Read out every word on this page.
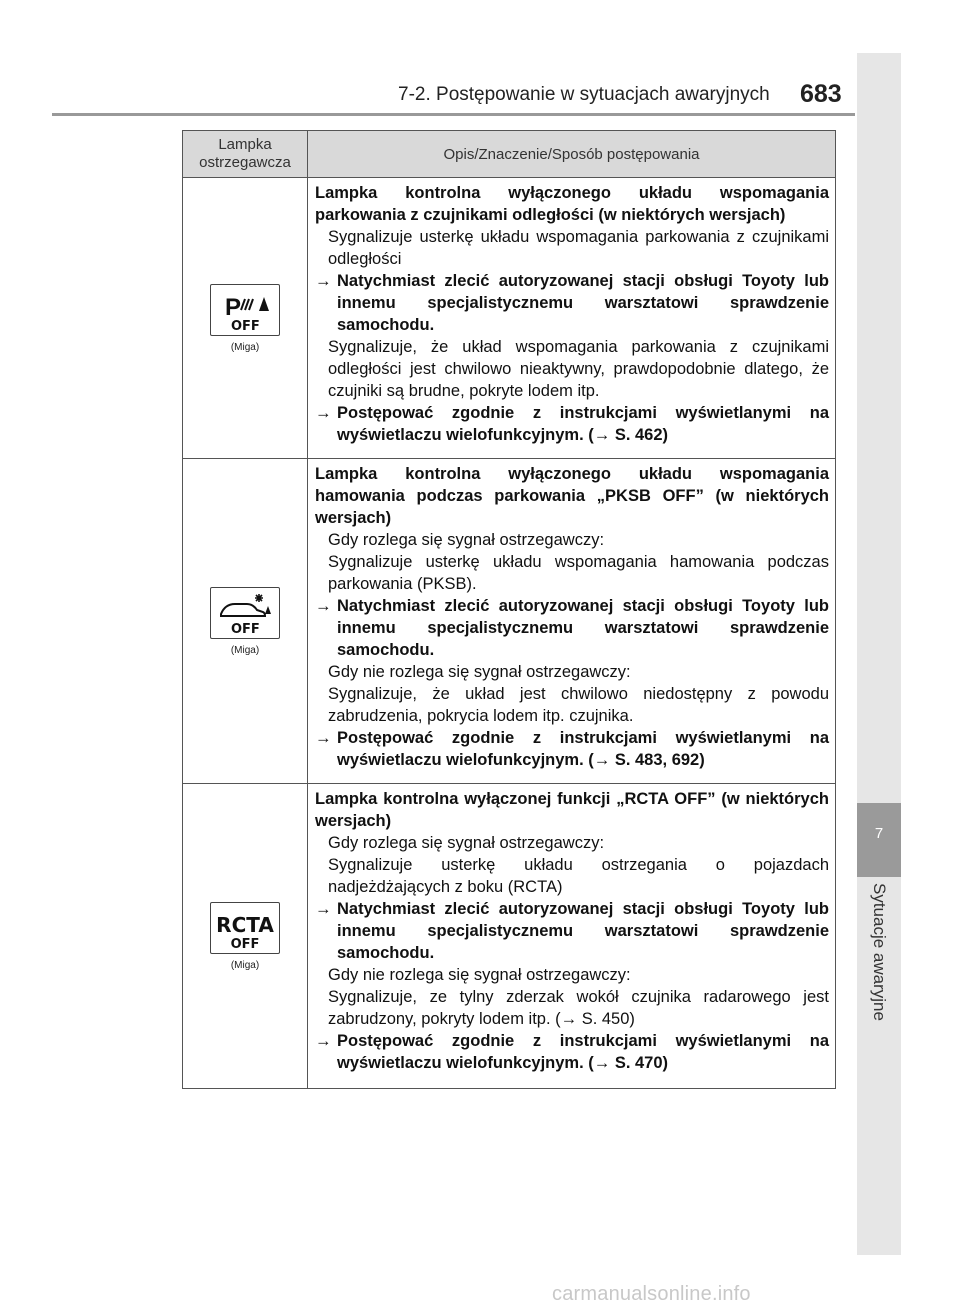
7-2. Postępowanie w sytuacjach awaryjnych 683
7
Sytuacje awaryjne
Lampka
ostrzegawcza	Opis/Znaczenie/Sposób postępowania
P
OFF
(Miga)
Lampka kontrolna wyłączonego układu wspomagania parkowania z czujnikami odległości (w niektórych wersjach)
Sygnalizuje usterkę układu wspomagania parkowania z czujnikami odległości
→ Natychmiast zlecić autoryzowanej stacji obsługi Toyoty lub innemu specjalistycznemu warsztatowi sprawdzenie samochodu.
Sygnalizuje, że układ wspomagania parkowania z czujnikami odległości jest chwilowo nieaktywny, prawdopodobnie dlatego, że czujniki są brudne, pokryte lodem itp.
→ Postępować zgodnie z instrukcjami wyświetlanymi na wyświetlaczu wielofunkcyjnym. (→ S. 462)
OFF
(Miga)
Lampka kontrolna wyłączonego układu wspomagania hamowania podczas parkowania „PKSB OFF” (w niektórych wersjach)
Gdy rozlega się sygnał ostrzegawczy:
Sygnalizuje usterkę układu wspomagania hamowania podczas parkowania (PKSB).
→ Natychmiast zlecić autoryzowanej stacji obsługi Toyoty lub innemu specjalistycznemu warsztatowi sprawdzenie samochodu.
Gdy nie rozlega się sygnał ostrzegawczy:
Sygnalizuje, że układ jest chwilowo niedostępny z powodu zabrudzenia, pokrycia lodem itp. czujnika.
→ Postępować zgodnie z instrukcjami wyświetlanymi na wyświetlaczu wielofunkcyjnym. (→ S. 483, 692)
RCTA
OFF
(Miga)
Lampka kontrolna wyłączonej funkcji „RCTA OFF” (w niektórych wersjach)
Gdy rozlega się sygnał ostrzegawczy:
Sygnalizuje usterkę układu ostrzegania o pojazdach nadjeżdżających z boku (RCTA)
→ Natychmiast zlecić autoryzowanej stacji obsługi Toyoty lub innemu specjalistycznemu warsztatowi sprawdzenie samochodu.
Gdy nie rozlega się sygnał ostrzegawczy:
Sygnalizuje, ze tylny zderzak wokół czujnika radarowego jest zabrudzony, pokryty lodem itp. (→ S. 450)
→ Postępować zgodnie z instrukcjami wyświetlanymi na wyświetlaczu wielofunkcyjnym. (→ S. 470)
carmanualsonline.info
